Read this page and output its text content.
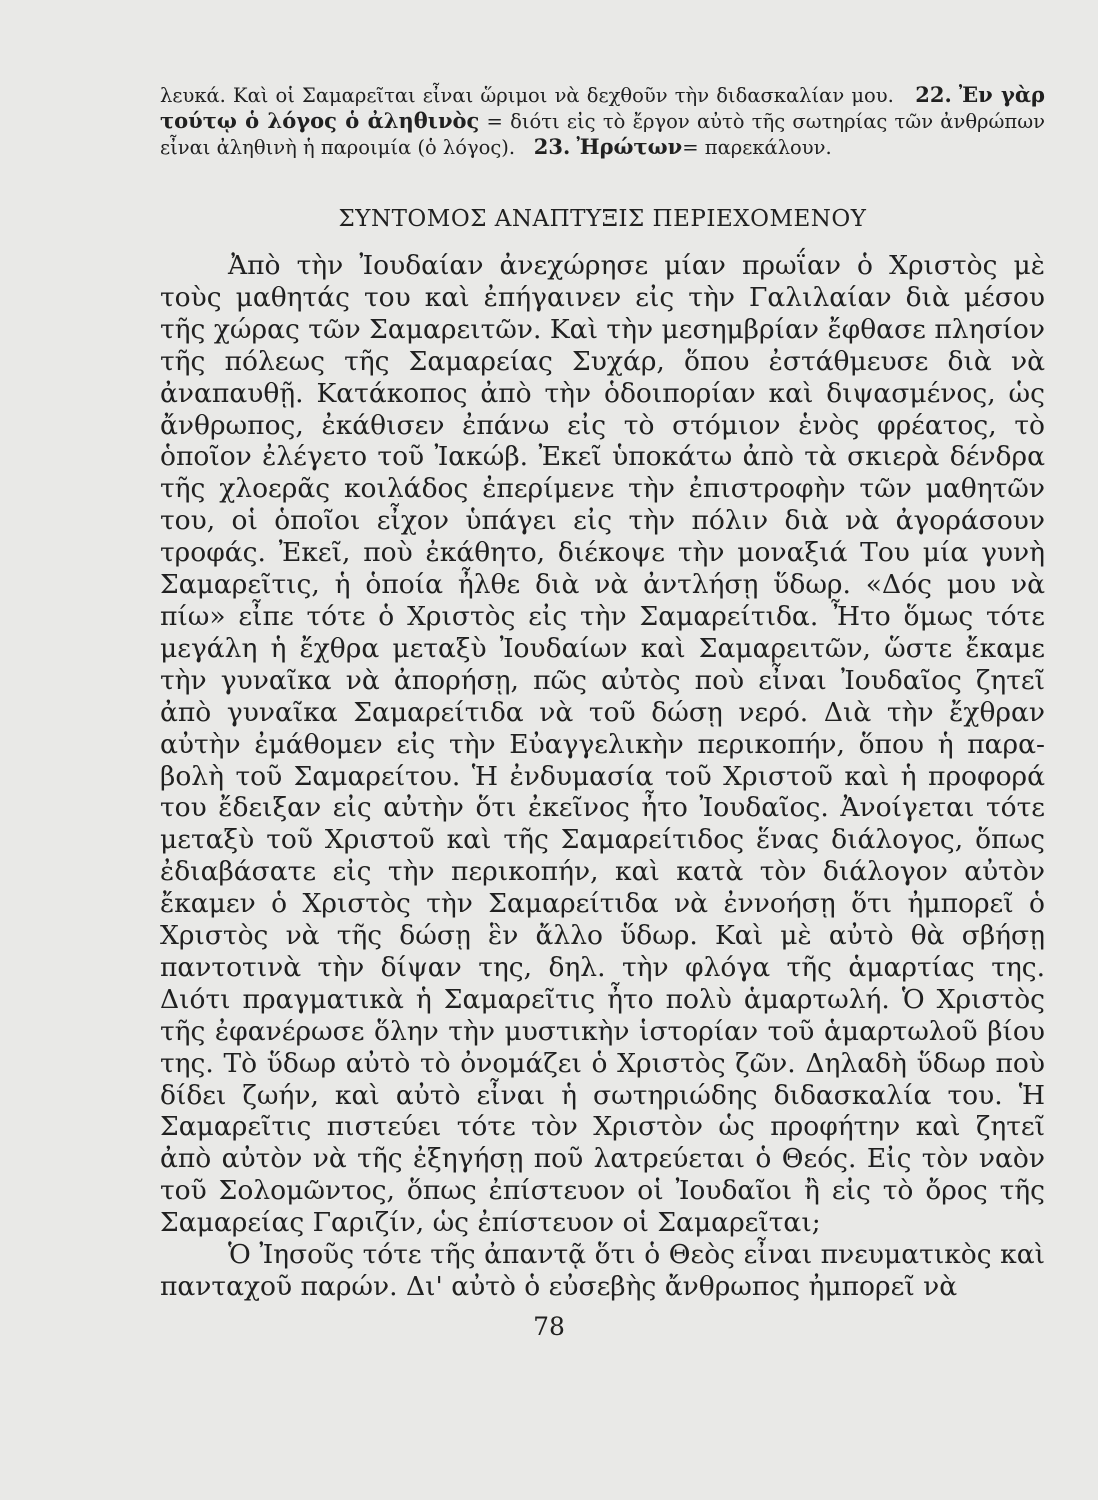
λευκά. Καὶ οἱ Σαμαρεῖται εἶναι ὥριμοι νὰ δεχθοῦν τὴν διδασκαλίαν μου. 22. Ἐν γὰρ τούτῳ ὁ λόγος ὁ ἀληθινὸς = διότι εἰς τὸ ἔργον αὐτὸ τῆς σωτηρίας τῶν ἀνθρώπων εἶναι ἀληθινὴ ἡ παροιμία (ὁ λόγος). 23. Ἠρώτων= παρεκάλουν.

ΣΥΝΤΟΜΟΣ ΑΝΑΠΤΥΞΙΣ ΠΕΡΙΕΧΟΜΕΝΟΥ

Ἀπὸ τὴν Ἰουδαίαν ἀνεχώρησε μίαν πρωΐαν ὁ Χριστὸς μὲ τοὺς μαθητάς του καὶ ἐπήγαινεν εἰς τὴν Γαλιλαίαν διὰ μέσου τῆς χώρας τῶν Σαμαρειτῶν. Καὶ τὴν μεσημβρίαν ἔφθασε πλησίον τῆς πόλεως τῆς Σαμαρείας Συχάρ, ὅπου ἐστάθμευσε διὰ νὰ ἀναπαυθῇ. Κατάκοπος ἀπὸ τὴν ὁδοιπορίαν καὶ διψασμένος, ὡς ἄνθρωπος, ἐκάθισεν ἐπάνω εἰς τὸ στόμιον ἑνὸς φρέατος, τὸ ὁποῖον ἐλέγετο τοῦ Ἰακώβ. Ἐκεῖ ὑποκάτω ἀπὸ τὰ σκιερὰ δένδρα τῆς χλοερᾶς κοιλάδος ἐπερίμενε τὴν ἐπιστροφὴν τῶν μαθητῶν του, οἱ ὁποῖοι εἶχον ὑπάγει εἰς τὴν πόλιν διὰ νὰ ἀγοράσουν τροφάς. Ἐκεῖ, ποὺ ἐκάθητο, διέκοψε τὴν μοναξιά Του μία γυνὴ Σαμαρεῖτις, ἡ ὁποία ἦλθε διὰ νὰ ἀντλήσῃ ὕδωρ. «Δός μου νὰ πίω» εἶπε τότε ὁ Χριστὸς εἰς τὴν Σαμαρείτιδα. Ἦτο ὅμως τότε μεγάλη ἡ ἔχθρα μεταξὺ Ἰουδαίων καὶ Σαμαρειτῶν, ὥστε ἔκαμε τὴν γυναῖκα νὰ ἀπορήσῃ, πῶς αὐτὸς ποὺ εἶναι Ἰουδαῖος ζητεῖ ἀπὸ γυναῖκα Σαμαρείτιδα νὰ τοῦ δώσῃ νερό. Διὰ τὴν ἔχθραν αὐτὴν ἐμάθομεν εἰς τὴν Εὐαγγελικὴν περικοπήν, ὅπου ἡ παραβολὴ τοῦ Σαμαρείτου. Ἡ ἐνδυμασία τοῦ Χριστοῦ καὶ ἡ προφορά του ἔδειξαν εἰς αὐτὴν ὅτι ἐκεῖνος ἦτο Ἰουδαῖος. Ἀνοίγεται τότε μεταξὺ τοῦ Χριστοῦ καὶ τῆς Σαμαρείτιδος ἕνας διάλογος, ὅπως ἐδιαβάσατε εἰς τὴν περικοπήν, καὶ κατὰ τὸν διάλογον αὐτὸν ἔκαμεν ὁ Χριστὸς τὴν Σαμαρείτιδα νὰ ἐννοήσῃ ὅτι ἠμπορεῖ ὁ Χριστὸς νὰ τῆς δώσῃ ἓν ἄλλο ὕδωρ. Καὶ μὲ αὐτὸ θὰ σβήσῃ παντοτινὰ τὴν δίψαν της, δηλ. τὴν φλόγα τῆς ἁμαρτίας της. Διότι πραγματικὰ ἡ Σαμαρεῖτις ἦτο πολὺ ἁμαρτωλή. Ὁ Χριστὸς τῆς ἐφανέρωσε ὅλην τὴν μυστικὴν ἱστορίαν τοῦ ἁμαρτωλοῦ βίου της. Τὸ ὕδωρ αὐτὸ τὸ ὀνομάζει ὁ Χριστὸς ζῶν. Δηλαδὴ ὕδωρ ποὺ δίδει ζωήν, καὶ αὐτὸ εἶναι ἡ σωτηριώδης διδασκαλία του. Ἡ Σαμαρεῖτις πιστεύει τότε τὸν Χριστὸν ὡς προφήτην καὶ ζητεῖ ἀπὸ αὐτὸν νὰ τῆς ἐξηγήσῃ ποῦ λατρεύεται ὁ Θεός. Εἰς τὸν ναὸν τοῦ Σολομῶντος, ὅπως ἐπίστευον οἱ Ἰουδαῖοι ἢ εἰς τὸ ὄρος τῆς Σαμαρείας Γαριζίν, ὡς ἐπίστευον οἱ Σαμαρεῖται;

Ὁ Ἰησοῦς τότε τῆς ἀπαντᾷ ὅτι ὁ Θεὸς εἶναι πνευματικὸς καὶ πανταχοῦ παρών. Δι' αὐτὸ ὁ εὐσεβὴς ἄνθρωπος ἠμπορεῖ νὰ

78
